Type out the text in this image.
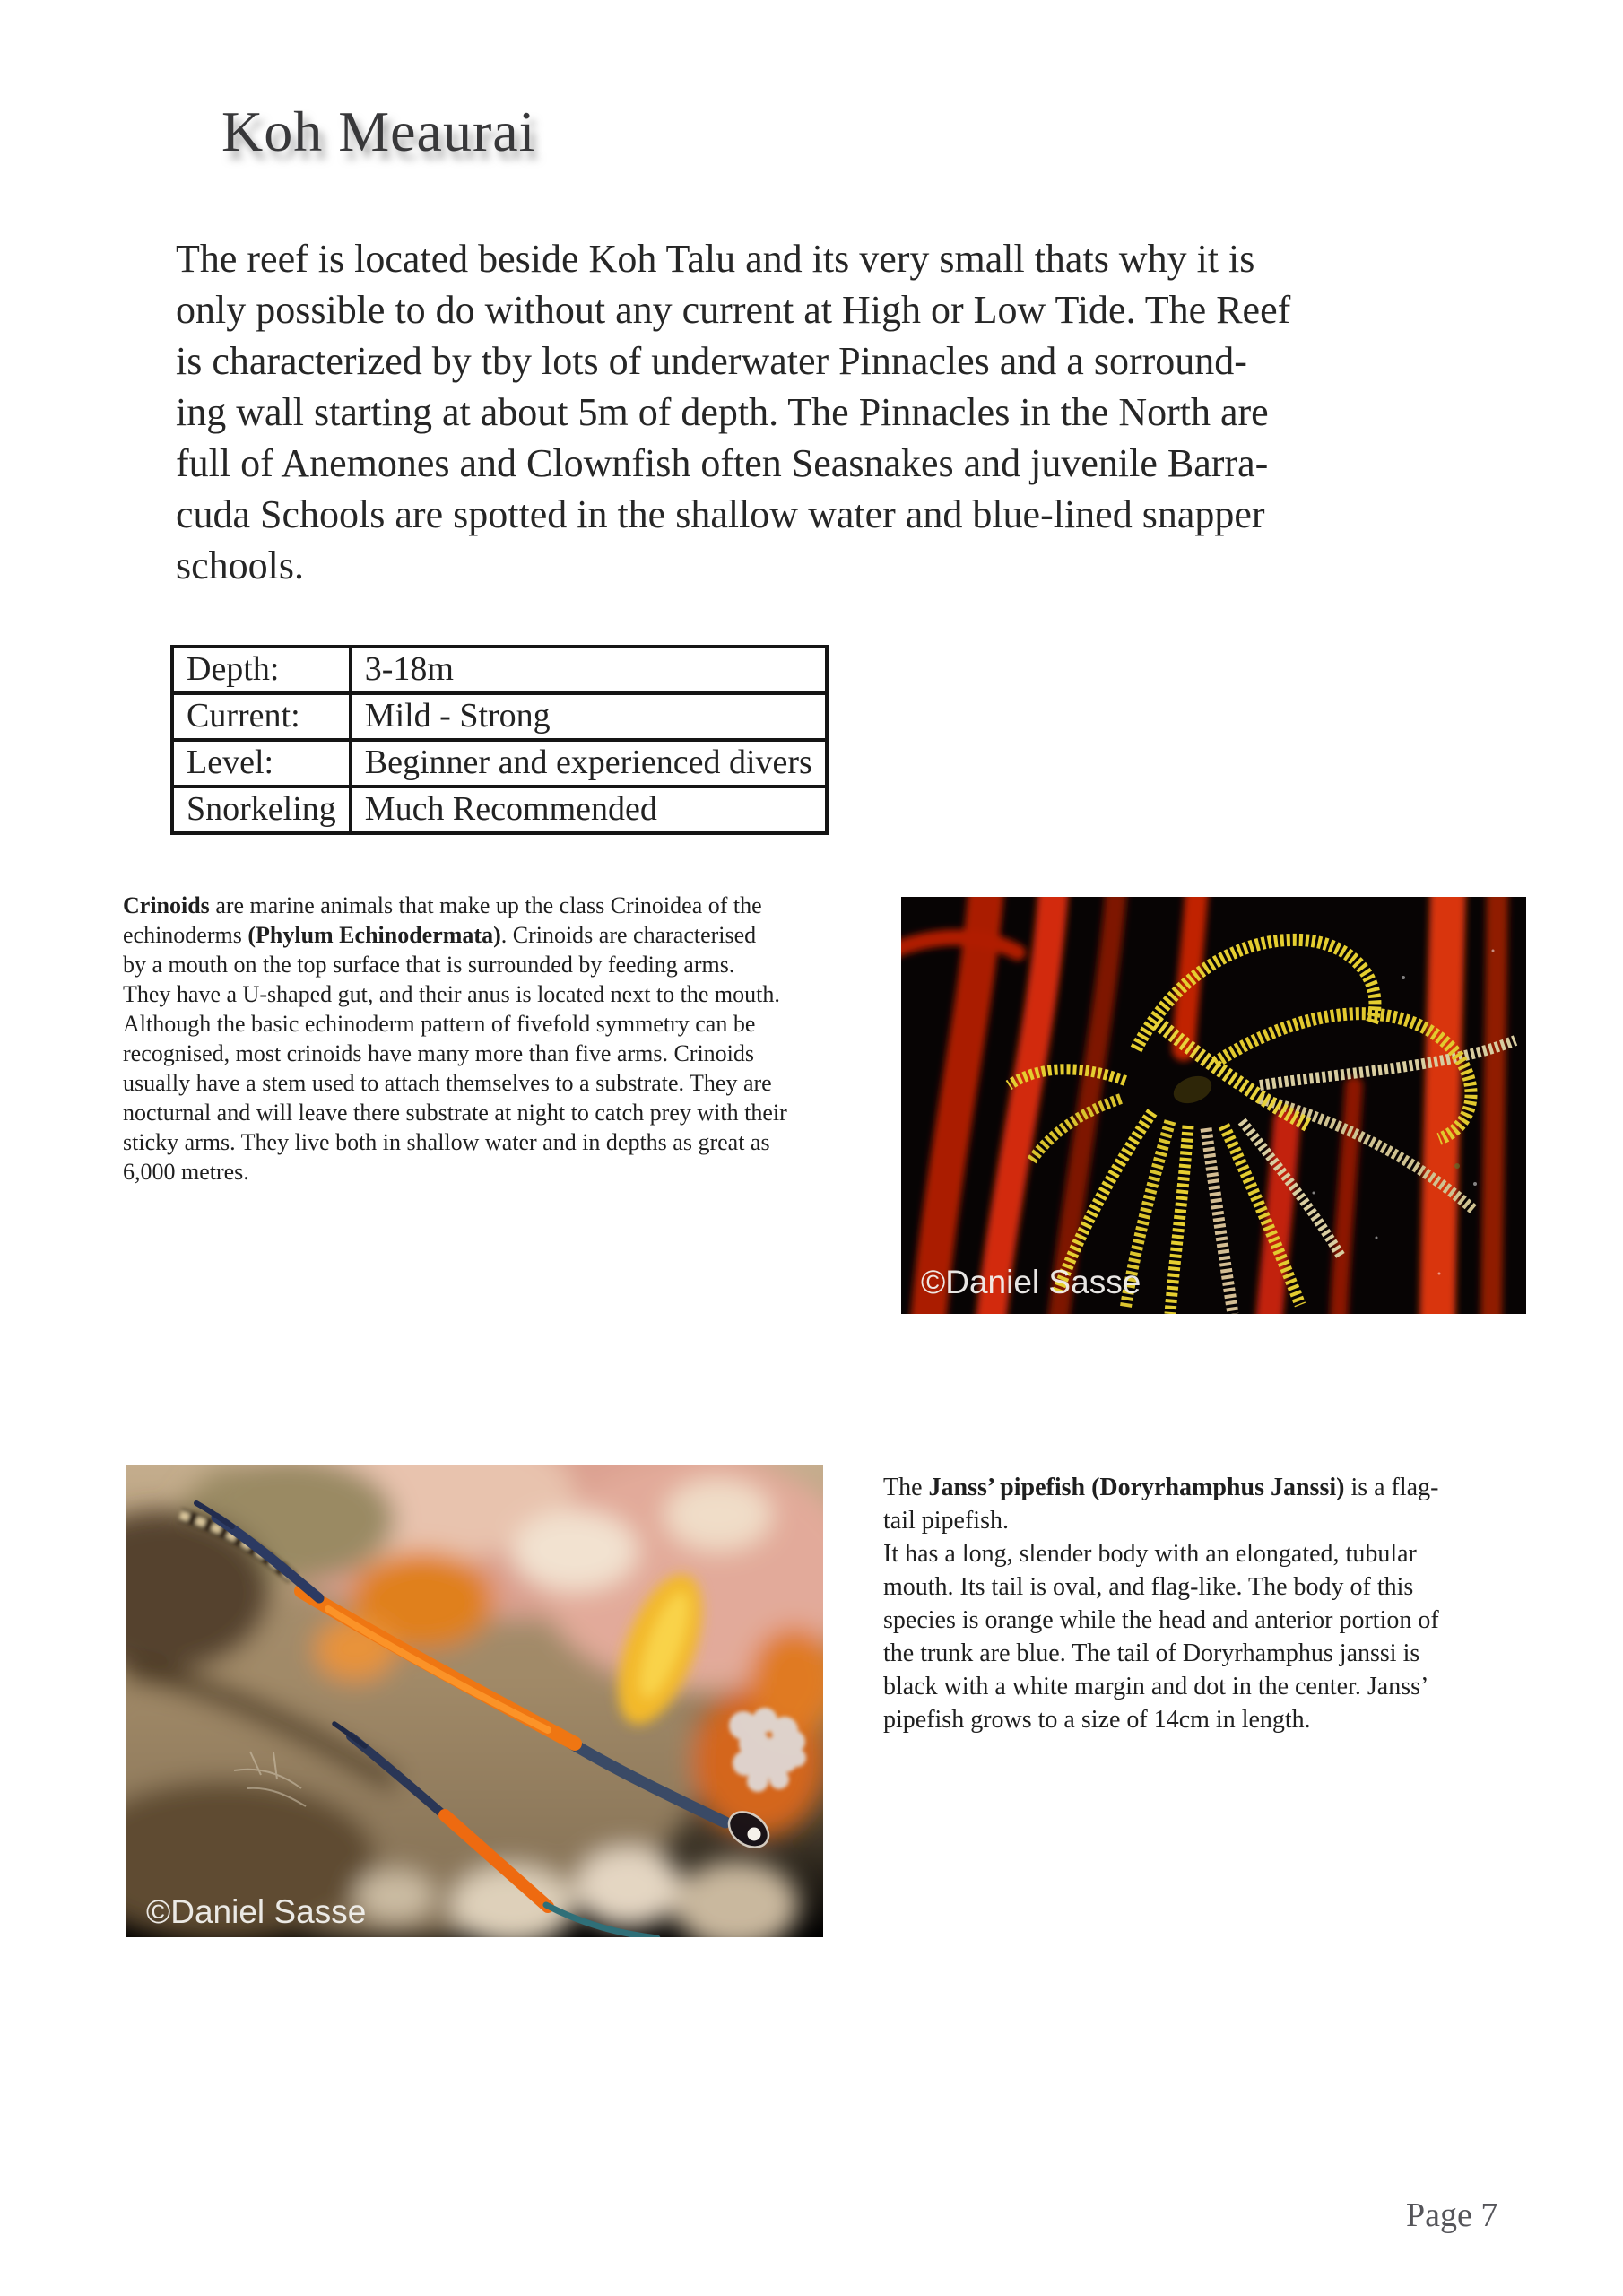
Koh Meaurai
The reef is located beside Koh Talu and its very small thats why it is
only possible to do without any current at High or Low Tide. The Reef
is characterized by tby lots of underwater Pinnacles and a sorround-
ing wall starting at about 5m of depth. The Pinnacles in the North are
full of Anemones and Clownfish often Seasnakes and juvenile Barra-
cuda Schools are spotted in the shallow water and blue-lined snapper
schools.
Depth:	3-18m
Current:	Mild - Strong
Level:	Beginner and experienced divers
Snorkeling	Much Recommended
Crinoids are marine animals that make up the class Crinoidea of the
echinoderms (Phylum Echinodermata). Crinoids are characterised
by a mouth on the top surface that is surrounded by feeding arms.
They have a U-shaped gut, and their anus is located next to the mouth.
Although the basic echinoderm pattern of fivefold symmetry can be
recognised, most crinoids have many more than five arms. Crinoids
usually have a stem used to attach themselves to a substrate. They are
nocturnal and will leave there substrate at night to catch prey with their
sticky arms. They live both in shallow water and in depths as great as
6,000 metres.
©Daniel Sasse
©Daniel Sasse
The Janss’ pipefish (Doryrhamphus Janssi) is a flag-
tail pipefish.
It has a long, slender body with an elongated, tubular
mouth. Its tail is oval, and flag-like. The body of this
species is orange while the head and anterior portion of
the trunk are blue. The tail of Doryrhamphus janssi is
black with a white margin and dot in the center. Janss’
pipefish grows to a size of 14cm in length.
Page 7
